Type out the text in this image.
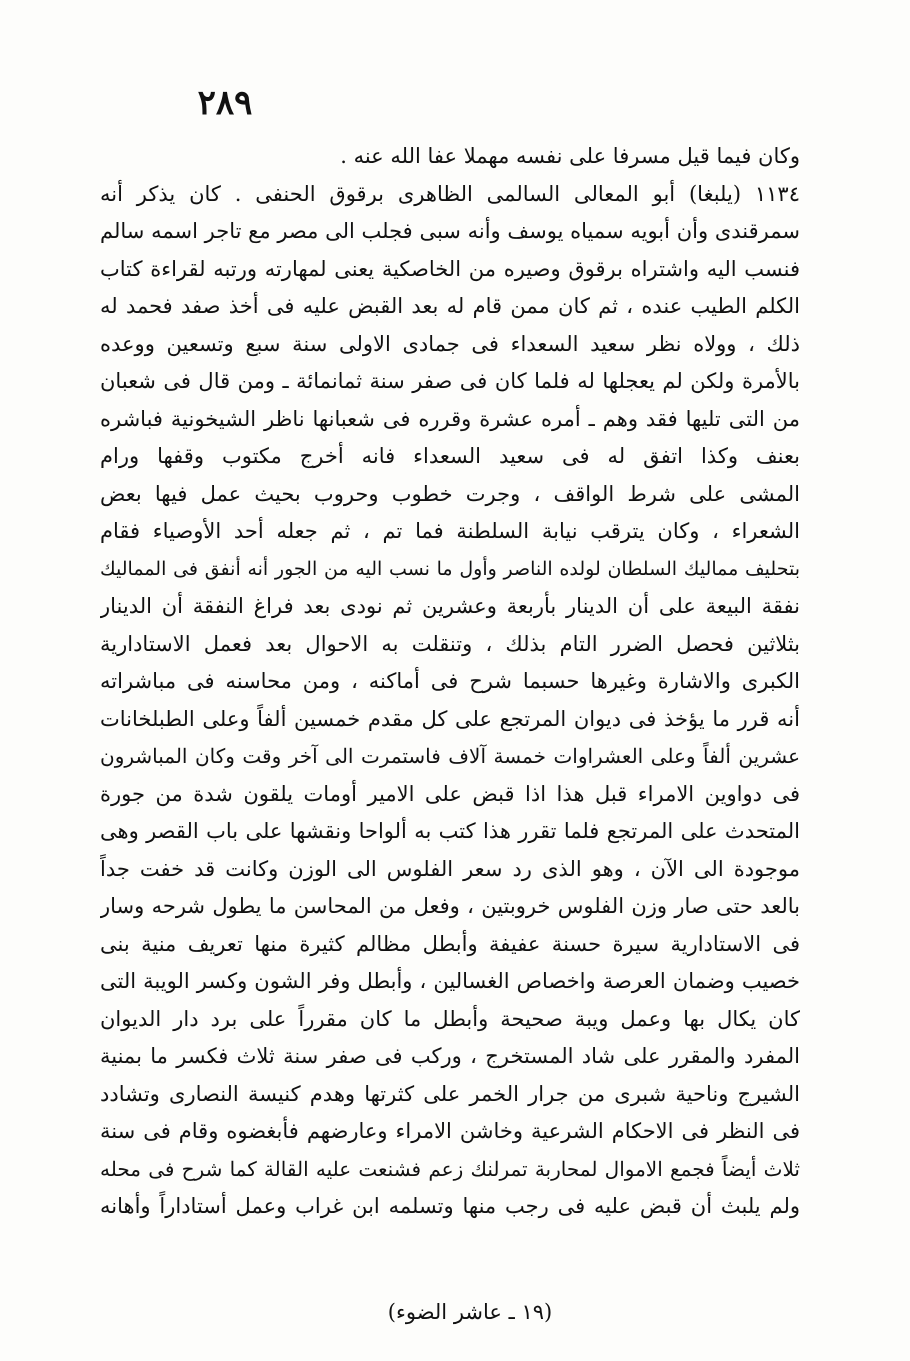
٢٨٩
وكان فيما قيل مسرفا على نفسه مهملا عفا الله عنه .
١١٣٤ (يلبغا) أبو المعالى السالمى الظاهرى برقوق الحنفى . كان يذكر أنه
سمرقندى وأن أبويه سمياه يوسف وأنه سبى فجلب الى مصر مع تاجر اسمه سالم
فنسب اليه واشتراه برقوق وصيره من الخاصكية يعنى لمهارته ورتبه لقراءة كتاب
الكلم الطيب عنده ، ثم كان ممن قام له بعد القبض عليه فى أخذ صفد فحمد له
ذلك ، وولاه نظر سعيد السعداء فى جمادى الاولى سنة سبع وتسعين ووعده
بالأمرة ولكن لم يعجلها له فلما كان فى صفر سنة ثمانمائة ـ ومن قال فى شعبان
من التى تليها فقد وهم ـ أمره عشرة وقرره فى شعبانها ناظر الشيخونية فباشره
بعنف وكذا اتفق له فى سعيد السعداء فانه أخرج مكتوب وقفها ورام
المشى على شرط الواقف ، وجرت خطوب وحروب بحيث عمل فيها بعض
الشعراء ، وكان يترقب نيابة السلطنة فما تم ، ثم جعله أحد الأوصياء فقام
بتحليف مماليك السلطان لولده الناصر وأول ما نسب اليه من الجور أنه أنفق فى المماليك
نفقة البيعة على أن الدينار بأربعة وعشرين ثم نودى بعد فراغ النفقة أن الدينار
بثلاثين فحصل الضرر التام بذلك ، وتنقلت به الاحوال بعد فعمل الاستادارية
الكبرى والاشارة وغيرها حسبما شرح فى أماكنه ، ومن محاسنه فى مباشراته
أنه قرر ما يؤخذ فى ديوان المرتجع على كل مقدم خمسين ألفاً وعلى الطبلخانات
عشرين ألفاً وعلى العشراوات خمسة آلاف فاستمرت الى آخر وقت وكان المباشرون
فى دواوين الامراء قبل هذا اذا قبض على الامير أومات يلقون شدة من جورة
المتحدث على المرتجع فلما تقرر هذا كتب به ألواحا ونقشها على باب القصر وهى
موجودة الى الآن ، وهو الذى رد سعر الفلوس الى الوزن وكانت قد خفت جداً
بالعد حتى صار وزن الفلوس خروبتين ، وفعل من المحاسن ما يطول شرحه وسار
فى الاستادارية سيرة حسنة عفيفة وأبطل مظالم كثيرة منها تعريف منية بنى
خصيب وضمان العرصة واخصاص الغسالين ، وأبطل وفر الشون وكسر الويبة التى
كان يكال بها وعمل ويبة صحيحة وأبطل ما كان مقرراً على برد دار الديوان
المفرد والمقرر على شاد المستخرج ، وركب فى صفر سنة ثلاث فكسر ما بمنية
الشيرج وناحية شبرى من جرار الخمر على كثرتها وهدم كنيسة النصارى وتشادد
فى النظر فى الاحكام الشرعية وخاشن الامراء وعارضهم فأبغضوه وقام فى سنة
ثلاث أيضاً فجمع الاموال لمحاربة تمرلنك زعم فشنعت عليه القالة كما شرح فى محله
ولم يلبث أن قبض عليه فى رجب منها وتسلمه ابن غراب وعمل أستاداراً وأهانه
(١٩ ـ عاشر الضوء)
